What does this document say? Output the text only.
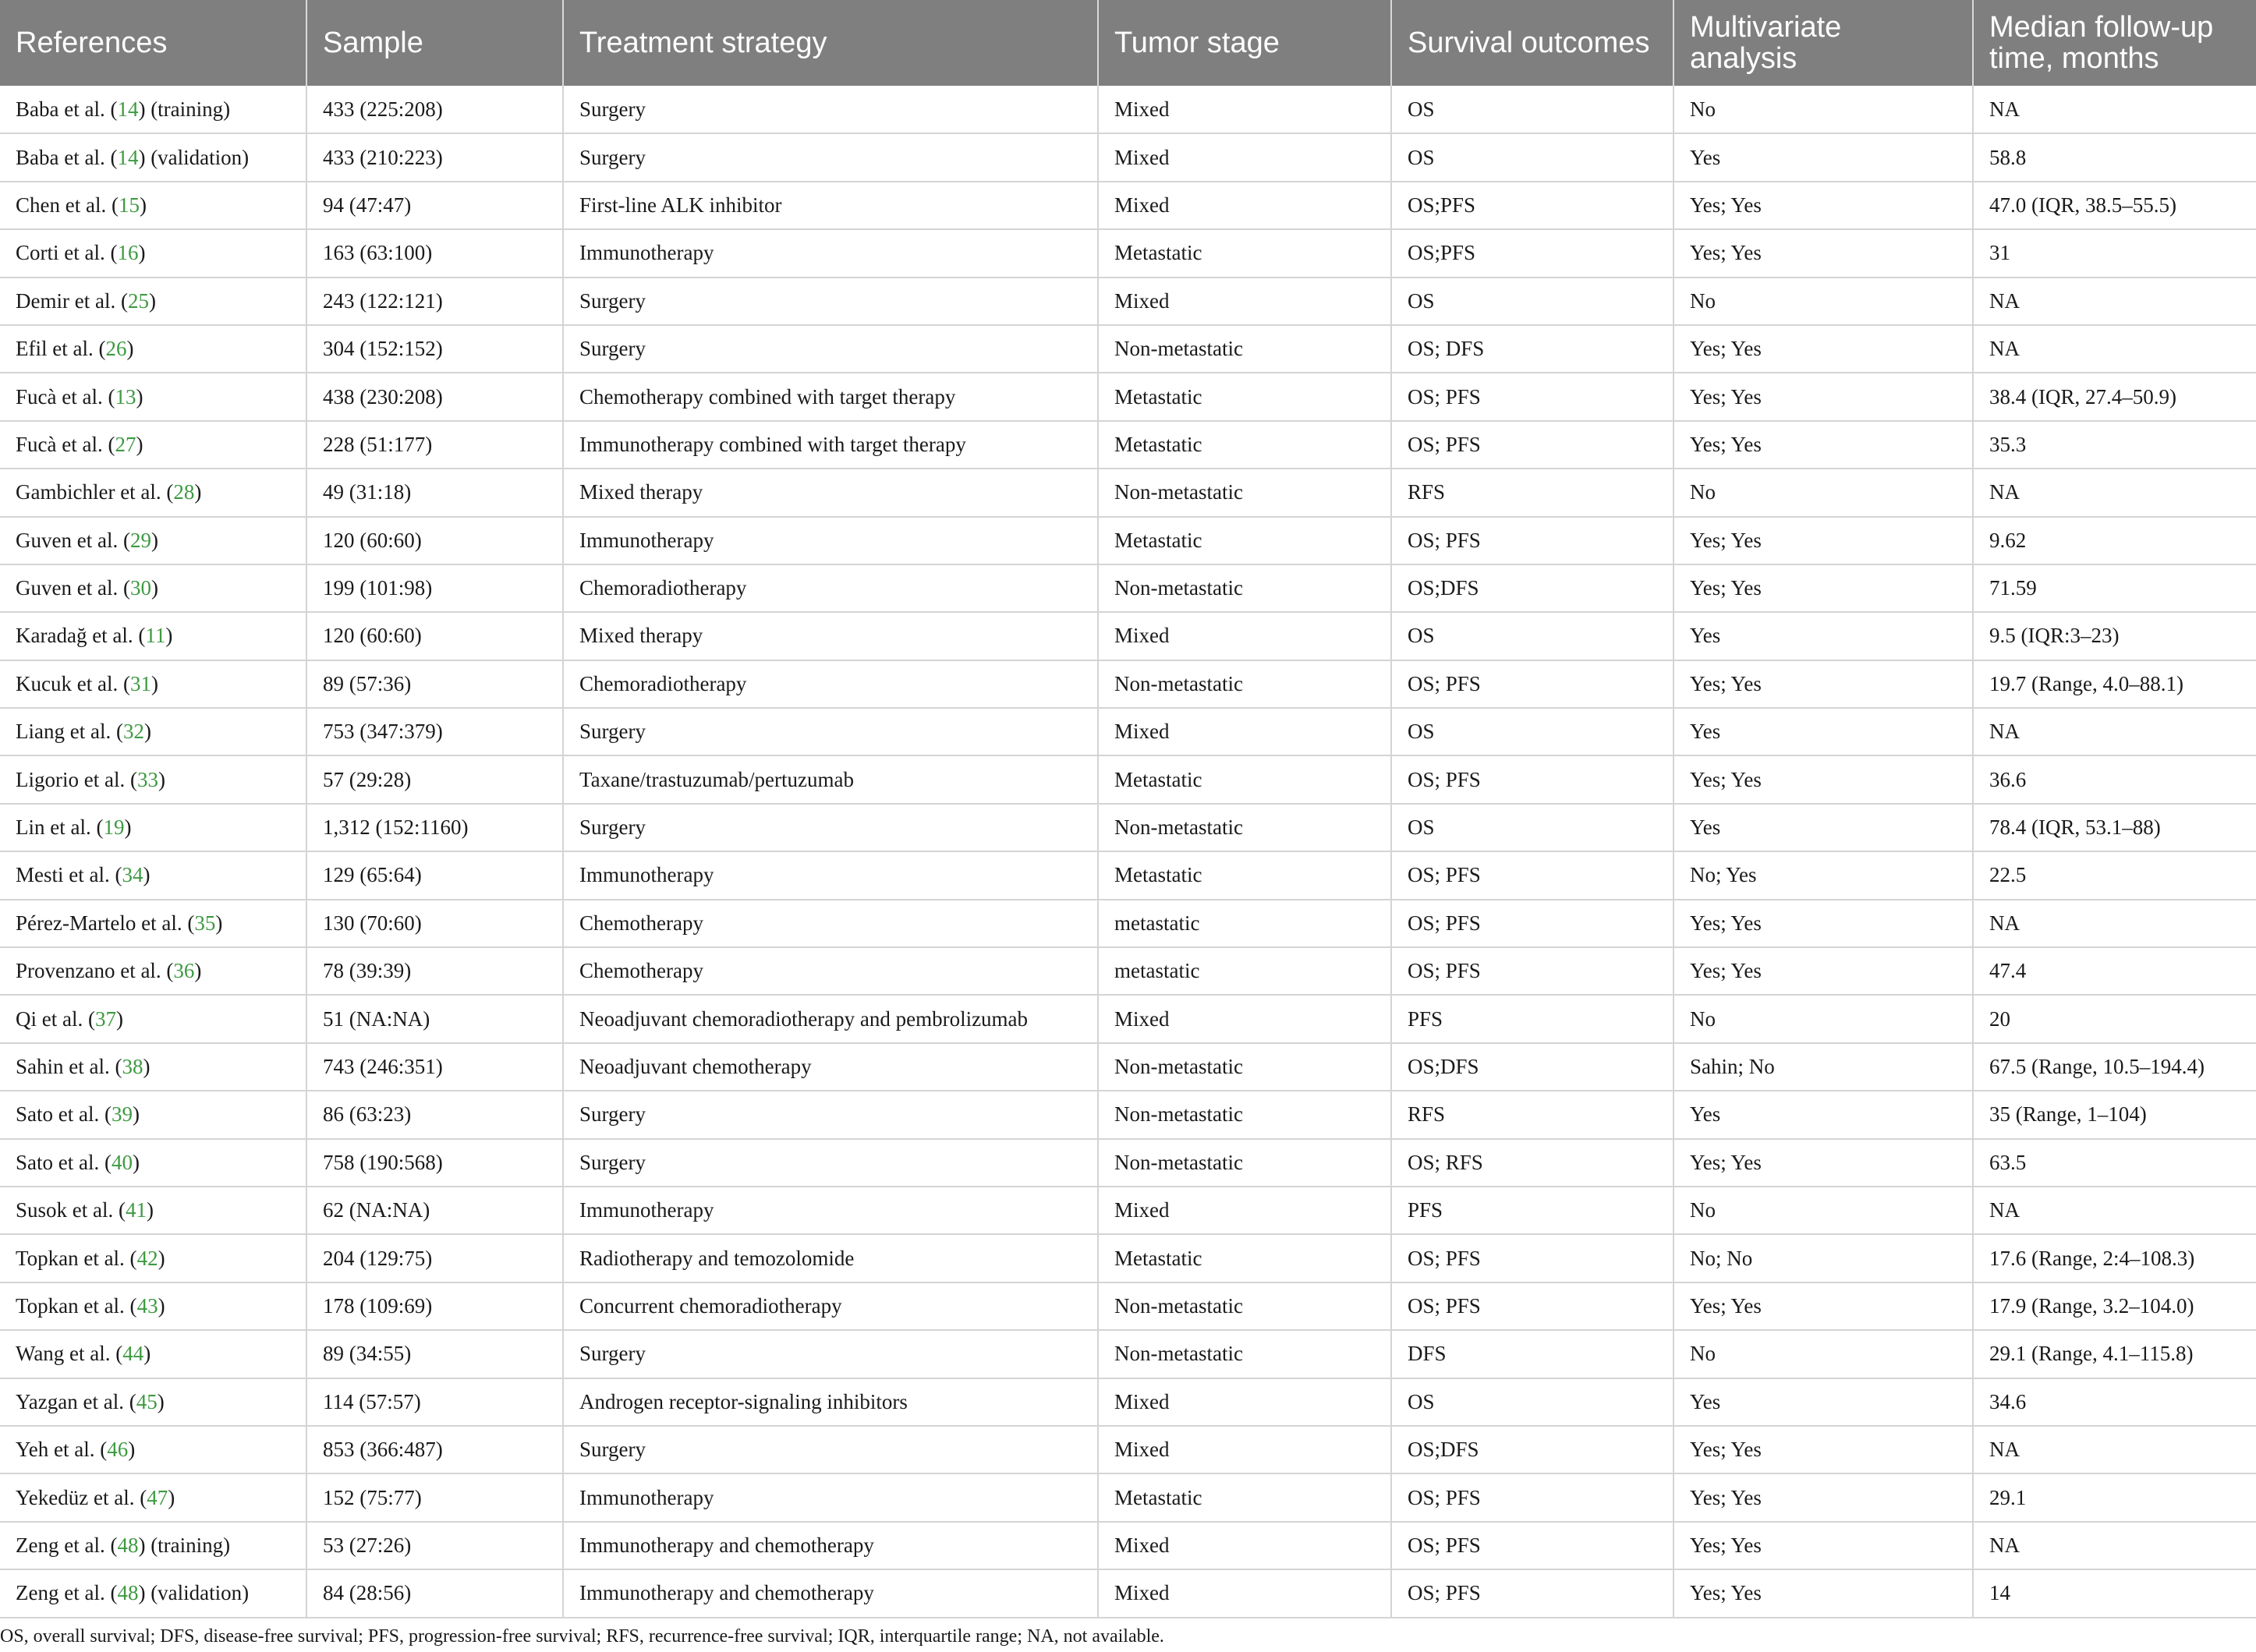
References	Sample	Treatment strategy	Tumor stage	Survival outcomes	Multivariate analysis	Median follow-up time, months
Baba et al. (14) (training)	433 (225:208)	Surgery	Mixed	OS	No	NA
Baba et al. (14) (validation)	433 (210:223)	Surgery	Mixed	OS	Yes	58.8
Chen et al. (15)	94 (47:47)	First-line ALK inhibitor	Mixed	OS;PFS	Yes; Yes	47.0 (IQR, 38.5–55.5)
Corti et al. (16)	163 (63:100)	Immunotherapy	Metastatic	OS;PFS	Yes; Yes	31
Demir et al. (25)	243 (122:121)	Surgery	Mixed	OS	No	NA
Efil et al. (26)	304 (152:152)	Surgery	Non-metastatic	OS; DFS	Yes; Yes	NA
Fucà et al. (13)	438 (230:208)	Chemotherapy combined with target therapy	Metastatic	OS; PFS	Yes; Yes	38.4 (IQR, 27.4–50.9)
Fucà et al. (27)	228 (51:177)	Immunotherapy combined with target therapy	Metastatic	OS; PFS	Yes; Yes	35.3
Gambichler et al. (28)	49 (31:18)	Mixed therapy	Non-metastatic	RFS	No	NA
Guven et al. (29)	120 (60:60)	Immunotherapy	Metastatic	OS; PFS	Yes; Yes	9.62
Guven et al. (30)	199 (101:98)	Chemoradiotherapy	Non-metastatic	OS;DFS	Yes; Yes	71.59
Karadağ et al. (11)	120 (60:60)	Mixed therapy	Mixed	OS	Yes	9.5 (IQR:3–23)
Kucuk et al. (31)	89 (57:36)	Chemoradiotherapy	Non-metastatic	OS; PFS	Yes; Yes	19.7 (Range, 4.0–88.1)
Liang et al. (32)	753 (347:379)	Surgery	Mixed	OS	Yes	NA
Ligorio et al. (33)	57 (29:28)	Taxane/trastuzumab/pertuzumab	Metastatic	OS; PFS	Yes; Yes	36.6
Lin et al. (19)	1,312 (152:1160)	Surgery	Non-metastatic	OS	Yes	78.4 (IQR, 53.1–88)
Mesti et al. (34)	129 (65:64)	Immunotherapy	Metastatic	OS; PFS	No; Yes	22.5
Pérez-Martelo et al. (35)	130 (70:60)	Chemotherapy	metastatic	OS; PFS	Yes; Yes	NA
Provenzano et al. (36)	78 (39:39)	Chemotherapy	metastatic	OS; PFS	Yes; Yes	47.4
Qi et al. (37)	51 (NA:NA)	Neoadjuvant chemoradiotherapy and pembrolizumab	Mixed	PFS	No	20
Sahin et al. (38)	743 (246:351)	Neoadjuvant chemotherapy	Non-metastatic	OS;DFS	Sahin; No	67.5 (Range, 10.5–194.4)
Sato et al. (39)	86 (63:23)	Surgery	Non-metastatic	RFS	Yes	35 (Range, 1–104)
Sato et al. (40)	758 (190:568)	Surgery	Non-metastatic	OS; RFS	Yes; Yes	63.5
Susok et al. (41)	62 (NA:NA)	Immunotherapy	Mixed	PFS	No	NA
Topkan et al. (42)	204 (129:75)	Radiotherapy and temozolomide	Metastatic	OS; PFS	No; No	17.6 (Range, 2:4–108.3)
Topkan et al. (43)	178 (109:69)	Concurrent chemoradiotherapy	Non-metastatic	OS; PFS	Yes; Yes	17.9 (Range, 3.2–104.0)
Wang et al. (44)	89 (34:55)	Surgery	Non-metastatic	DFS	No	29.1 (Range, 4.1–115.8)
Yazgan et al. (45)	114 (57:57)	Androgen receptor-signaling inhibitors	Mixed	OS	Yes	34.6
Yeh et al. (46)	853 (366:487)	Surgery	Mixed	OS;DFS	Yes; Yes	NA
Yekedüz et al. (47)	152 (75:77)	Immunotherapy	Metastatic	OS; PFS	Yes; Yes	29.1
Zeng et al. (48) (training)	53 (27:26)	Immunotherapy and chemotherapy	Mixed	OS; PFS	Yes; Yes	NA
Zeng et al. (48) (validation)	84 (28:56)	Immunotherapy and chemotherapy	Mixed	OS; PFS	Yes; Yes	14
OS, overall survival; DFS, disease-free survival; PFS, progression-free survival; RFS, recurrence-free survival; IQR, interquartile range; NA, not available.
